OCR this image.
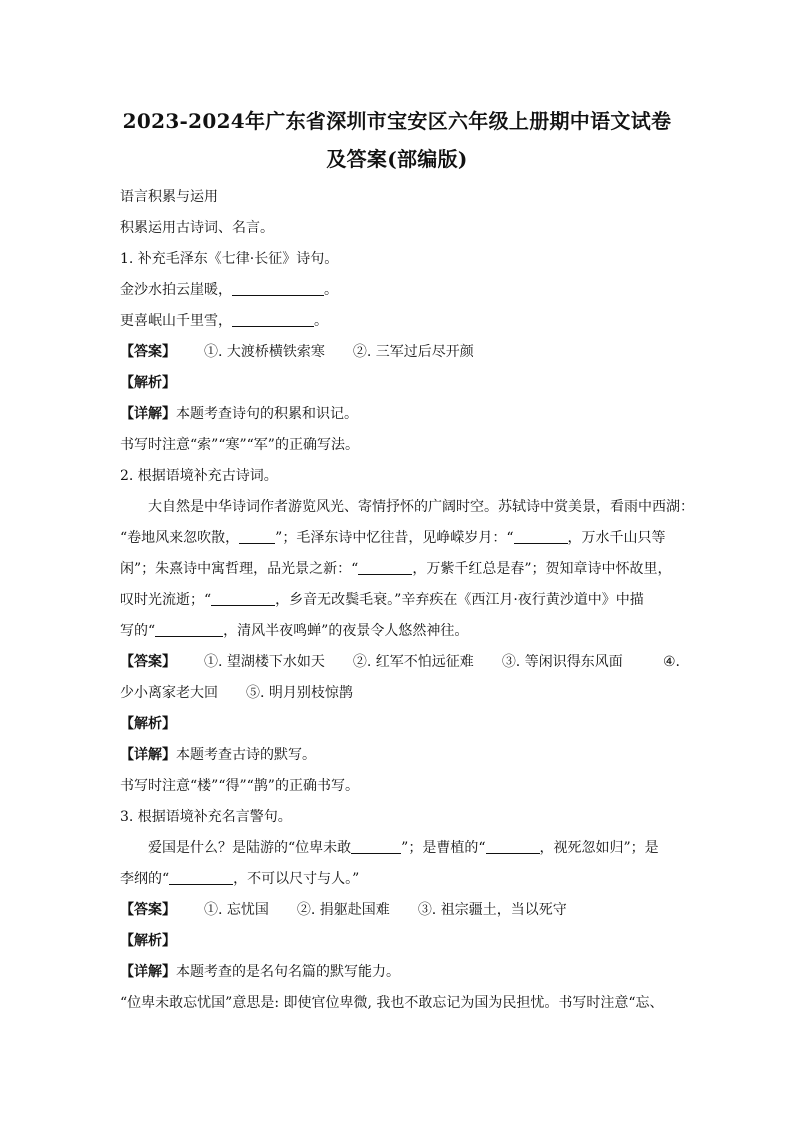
2023-2024年广东省深圳市宝安区六年级上册期中语文试卷
及答案(部编版)
语言积累与运用
积累运用古诗词、名言。
1. 补充毛泽东《七律·长征》诗句。
金沙水拍云崖暖，	。
更喜岷山千里雪，	。
【答案】 ①. 大渡桥横铁索寒 ②. 三军过后尽开颜
【解析】
【详解】本题考查诗句的积累和识记。
书写时注意“索”“寒”“军”的正确写法。
2. 根据语境补充古诗词。
大自然是中华诗词作者游览风光、寄情抒怀的广阔时空。苏轼诗中赏美景，看雨中西湖：
“卷地风来忽吹散，	”；毛泽东诗中忆往昔，见峥嵘岁月：“	，万水千山只等
闲”；朱熹诗中寓哲理，品光景之新：“	，万紫千红总是春”；贺知章诗中怀故里，
叹时光流逝；“	，乡音无改鬓毛衰。”辛弃疾在《西江月·夜行黄沙道中》中描
写的“	，清风半夜鸣蝉”的夜景令人悠然神往。
【答案】 ①. 望湖楼下水如天 ②. 红军不怕远征难 ③. 等闲识得东风面	④.
少小离家老大回 ⑤. 明月别枝惊鹊
【解析】
【详解】本题考查古诗的默写。
书写时注意“楼”“得”“鹊”的正确书写。
3. 根据语境补充名言警句。
爱国是什么？是陆游的“位卑未敢	”；是曹植的“	，视死忽如归”；是
李纲的“	，不可以尺寸与人。”
【答案】 ①. 忘忧国 ②. 捐躯赴国难 ③. 祖宗疆土，当以死守
【解析】
【详解】本题考查的是名句名篇的默写能力。
“位卑未敢忘忧国”意思是: 即使官位卑微, 我也不敢忘记为国为民担忧。书写时注意“忘、
